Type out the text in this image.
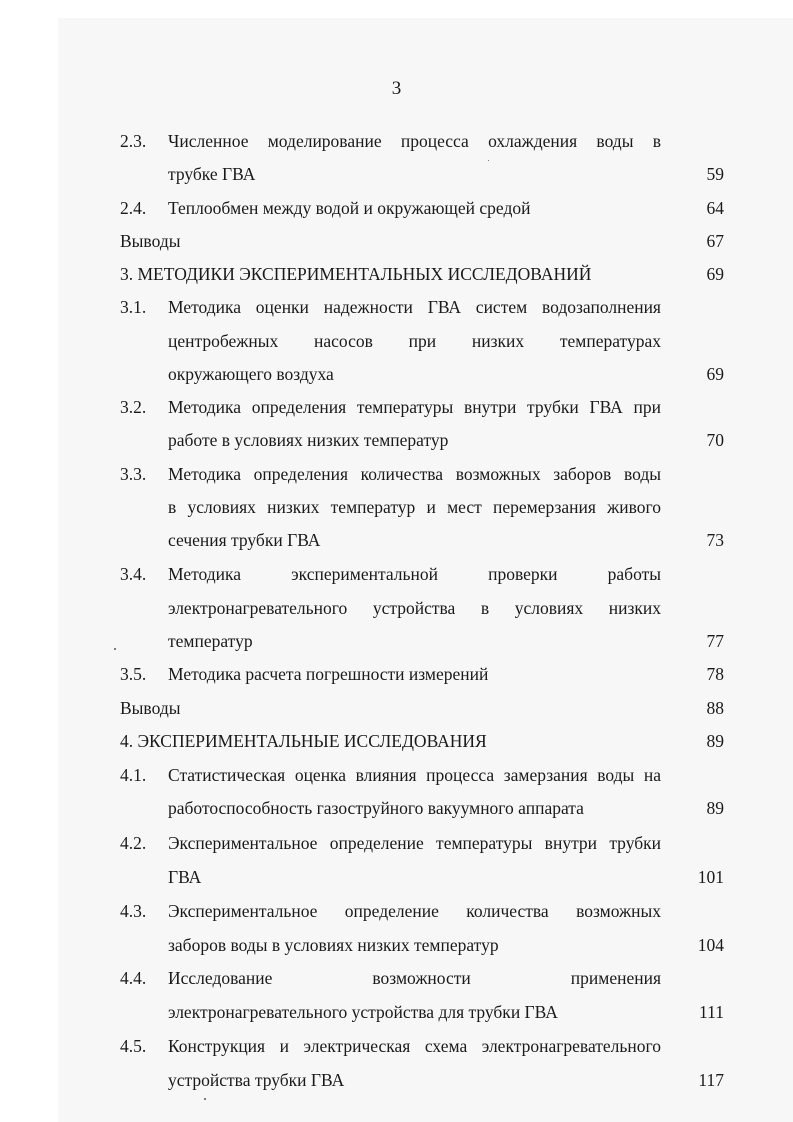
3
2.3. Численное моделирование процесса охлаждения воды в
трубке ГВА	59
2.4. Теплообмен между водой и окружающей средой	64
Выводы	67
3. МЕТОДИКИ ЭКСПЕРИМЕНТАЛЬНЫХ ИССЛЕДОВАНИЙ	69
3.1. Методика оценки надежности ГВА систем водозаполнения
центробежных насосов при низких температурах
окружающего воздуха	69
3.2. Методика определения температуры внутри трубки ГВА при
работе в условиях низких температур	70
3.3. Методика определения количества возможных заборов воды
в условиях низких температур и мест перемерзания живого
сечения трубки ГВА	73
3.4. Методика экспериментальной проверки работы
электронагревательного устройства в условиях низких
температур	77
3.5. Методика расчета погрешности измерений	78
Выводы	88
4. ЭКСПЕРИМЕНТАЛЬНЫЕ ИССЛЕДОВАНИЯ	89
4.1. Статистическая оценка влияния процесса замерзания воды на
работоспособность газоструйного вакуумного аппарата	89
4.2. Экспериментальное определение температуры внутри трубки
ГВА	101
4.3. Экспериментальное определение количества возможных
заборов воды в условиях низких температур	104
4.4. Исследование возможности применения
электронагревательного устройства для трубки ГВА	111
4.5. Конструкция и электрическая схема электронагревательного
устройства трубки ГВА	117
